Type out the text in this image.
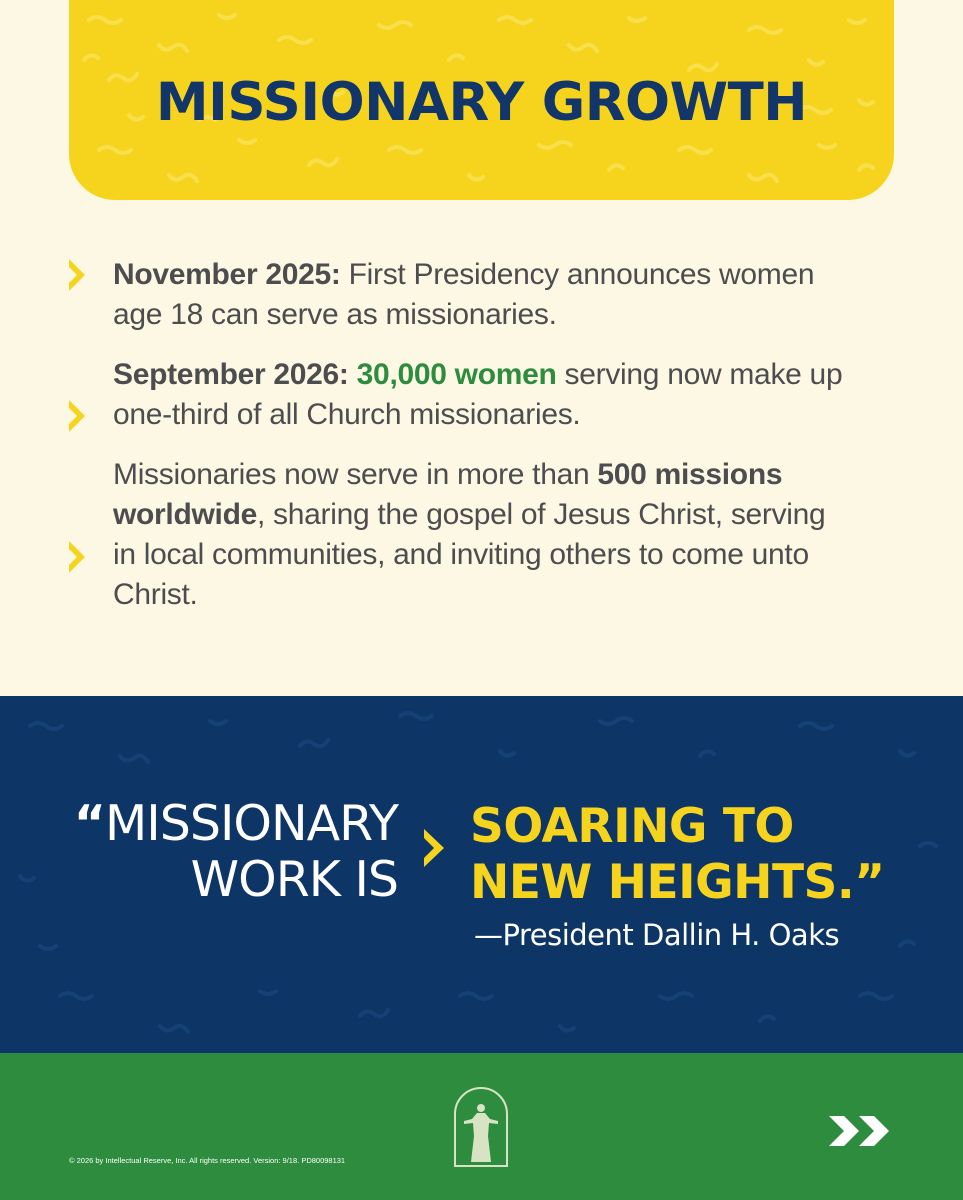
MISSIONARY GROWTH
November 2025: First Presidency announces women age 18 can serve as missionaries.
September 2026: 30,000 women serving now make up one-third of all Church missionaries.
Missionaries now serve in more than 500 missions worldwide, sharing the gospel of Jesus Christ, serving in local communities, and inviting others to come unto Christ.
“MISSIONARY
WORK IS
SOARING TO
NEW HEIGHTS.”
—President Dallin H. Oaks
© 2026 by Intellectual Reserve, Inc. All rights reserved. Version: 9/18. PD80098131
